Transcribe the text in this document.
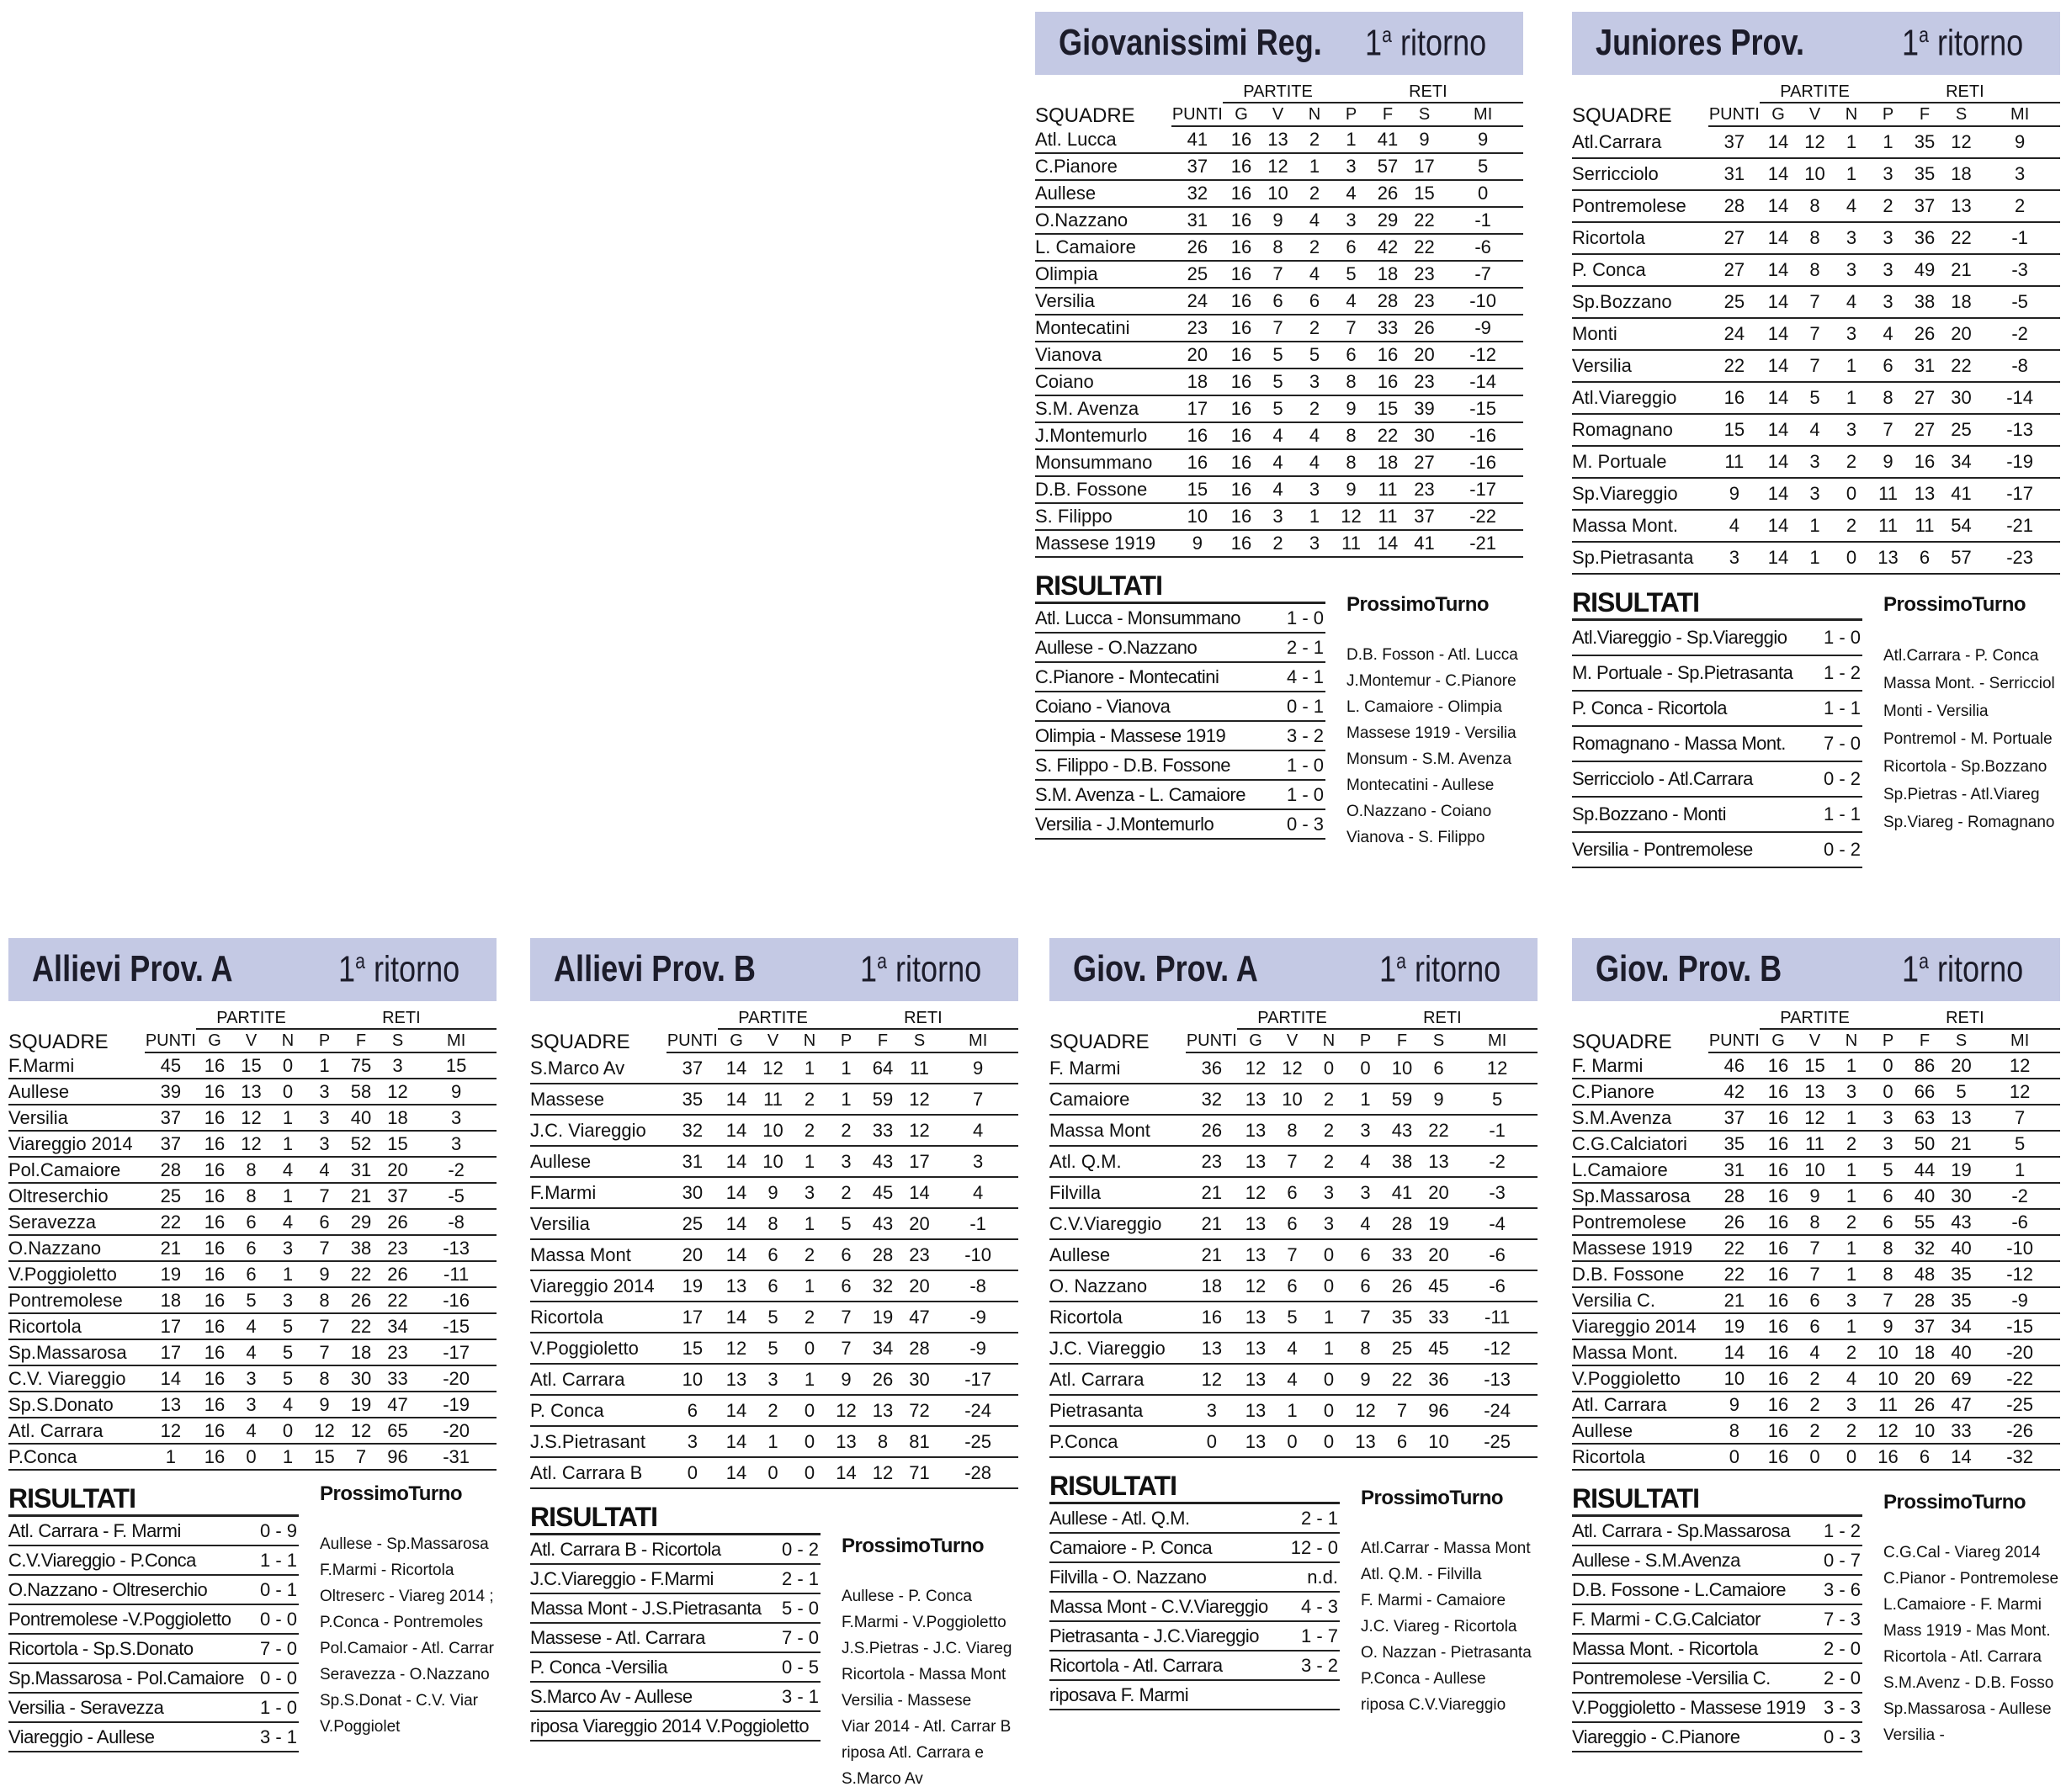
Giovanissimi Reg. 1$^a$ ritorno
SQUADRE		PARTITE			RETI			
	PUNTI	G	V	N	P	F	S	MI
Atl. Lucca	41	16	13	2	1	41	9	9
C.Pianore	37	16	12	1	3	57	17	5
Aullese	32	16	10	2	4	26	15	0
O.Nazzano	31	16	9	4	3	29	22	-1
L. Camaiore	26	16	8	2	6	42	22	-6
Olimpia	25	16	7	4	5	18	23	-7
Versilia	24	16	6	6	4	28	23	-10
Montecatini	23	16	7	2	7	33	26	-9
Vianova	20	16	5	5	6	16	20	-12
Coiano	18	16	5	3	8	16	23	-14
S.M. Avenza	17	16	5	2	9	15	39	-15
J.Montemurlo	16	16	4	4	8	22	30	-16
Monsummano	16	16	4	4	8	18	27	-16
D.B. Fossone	15	16	4	3	9	11	23	-17
S. Filippo	10	16	3	1	12	11	37	-22
Massese 1919	9	16	2	3	11	14	41	-21
RISULTATI
Atl. Lucca - Monsummano 1 - 0
Aullese - O.Nazzano	2 - 1
C.Pianore - Montecatini	4 - 1
Coiano - Vianova	0 - 1
Olimpia - Massese 1919	3 - 2
S. Filippo - D.B. Fossone	1 - 0
S.M. Avenza - L. Camaiore 1 - 0
Versilia - J.Montemurlo	0 - 3
ProssimoTurno
D.B. Fosson - Atl. Lucca
J.Montemur - C.Pianore
L. Camaiore - Olimpia
Massese 1919 - Versilia
Monsum - S.M. Avenza
Montecatini - Aullese
O.Nazzano - Coiano
Vianova - S. Filippo
Juniores Prov.	1$^a$ ritorno
SQUADRE		PARTITE			RETI			
	PUNTI	G	V	N	P	F	S	MI
Atl.Carrara	37	14	12	1	1	35	12	9
Serricciolo	31	14	10	1	3	35	18	3
Pontremolese	28	14	8	4	2	37	13	2
Ricortola	27	14	8	3	3	36	22	-1
P. Conca	27	14	8	3	3	49	21	-3
Sp.Bozzano	25	14	7	4	3	38	18	-5
Monti	24	14	7	3	4	26	20	-2
Versilia	22	14	7	1	6	31	22	-8
Atl.Viareggio	16	14	5	1	8	27	30	-14
Romagnano	15	14	4	3	7	27	25	-13
M. Portuale	11	14	3	2	9	16	34	-19
Sp.Viareggio	9	14	3	0	11	13	41	-17
Massa Mont.	4	14	1	2	11	11	54	-21
Sp.Pietrasanta	3	14	1	0	13	6	57	-23
RISULTATI
Atl.Viareggio - Sp.Viareggio 1 - 0
M. Portuale - Sp.Pietrasanta 1 - 2
P. Conca - Ricortola	1 - 1
Romagnano - Massa Mont. 7 - 0
Serricciolo - Atl.Carrara	0 - 2
Sp.Bozzano - Monti	1 - 1
Versilia - Pontremolese	0 - 2
ProssimoTurno
Atl.Carrara - P. Conca
Massa Mont. - Serricciol
Monti - Versilia
Pontremol - M. Portuale
Ricortola - Sp.Bozzano
Sp.Pietras - Atl.Viareg
Sp.Viareg - Romagnano
Allievi Prov. A	1$^a$ ritorno
SQUADRE		PARTITE			RETI			
	PUNTI	G	V	N	P	F	S	MI
F.Marmi	45	16	15	0	1	75	3	15
Aullese	39	16	13	0	3	58	12	9
Versilia	37	16	12	1	3	40	18	3
Viareggio 2014	37	16	12	1	3	52	15	3
Pol.Camaiore	28	16	8	4	4	31	20	-2
Oltreserchio	25	16	8	1	7	21	37	-5
Seravezza	22	16	6	4	6	29	26	-8
O.Nazzano	21	16	6	3	7	38	23	-13
V.Poggioletto	19	16	6	1	9	22	26	-11
Pontremolese	18	16	5	3	8	26	22	-16
Ricortola	17	16	4	5	7	22	34	-15
Sp.Massarosa	17	16	4	5	7	18	23	-17
C.V. Viareggio	14	16	3	5	8	30	33	-20
Sp.S.Donato	13	16	3	4	9	19	47	-19
Atl. Carrara	12	16	4	0	12	12	65	-20
P.Conca	1	16	0	1	15	7	96	-31
RISULTATI
Atl. Carrara - F. Marmi	0 - 9
C.V.Viareggio - P.Conca	1 - 1
O.Nazzano - Oltreserchio	0 - 1
Pontremolese -V.Poggioletto 0 - 0
Ricortola - Sp.S.Donato	7 - 0
Sp.Massarosa - Pol.Camaiore 0 - 0
Versilia - Seravezza	1 - 0
Viareggio - Aullese	3 - 1
ProssimoTurno
Aullese - Sp.Massarosa
F.Marmi - Ricortola
Oltreserc - Viareg 2014 ;
P.Conca - Pontremoles
Pol.Camaior - Atl. Carrar
Seravezza - O.Nazzano
Sp.S.Donat - C.V. Viar
V.Poggiolet
Allievi Prov. B	1$^a$ ritorno
SQUADRE		PARTITE			RETI			
	PUNTI	G	V	N	P	F	S	MI
S.Marco Av	37	14	12	1	1	64	11	9
Massese	35	14	11	2	1	59	12	7
J.C. Viareggio	32	14	10	2	2	33	12	4
Aullese	31	14	10	1	3	43	17	3
F.Marmi	30	14	9	3	2	45	14	4
Versilia	25	14	8	1	5	43	20	-1
Massa Mont	20	14	6	2	6	28	23	-10
Viareggio 2014	19	13	6	1	6	32	20	-8
Ricortola	17	14	5	2	7	19	47	-9
V.Poggioletto	15	12	5	0	7	34	28	-9
Atl. Carrara	10	13	3	1	9	26	30	-17
P. Conca	6	14	2	0	12	13	72	-24
J.S.Pietrasant	3	14	1	0	13	8	81	-25
Atl. Carrara B	0	14	0	0	14	12	71	-28
RISULTATI
Atl. Carrara B - Ricortola	0 - 2
J.C.Viareggio - F.Marmi	2 - 1
Massa Mont - J.S.Pietrasanta 5 - 0
Massese - Atl. Carrara	7 - 0
P. Conca -Versilia	0 - 5
S.Marco Av - Aullese	3 - 1
riposa Viareggio 2014 V.Poggioletto
ProssimoTurno
Aullese - P. Conca
F.Marmi - V.Poggioletto
J.S.Pietras - J.C. Viareg
Ricortola - Massa Mont
Versilia - Massese
Viar 2014 - Atl. Carrar B
riposa Atl. Carrara e
S.Marco Av
Giov. Prov. A	1$^a$ ritorno
SQUADRE		PARTITE			RETI			
	PUNTI	G	V	N	P	F	S	MI
F. Marmi	36	12	12	0	0	10	6	12
Camaiore	32	13	10	2	1	59	9	5
Massa Mont	26	13	8	2	3	43	22	-1
Atl. Q.M.	23	13	7	2	4	38	13	-2
Filvilla	21	12	6	3	3	41	20	-3
C.V.Viareggio	21	13	6	3	4	28	19	-4
Aullese	21	13	7	0	6	33	20	-6
O. Nazzano	18	12	6	0	6	26	45	-6
Ricortola	16	13	5	1	7	35	33	-11
J.C. Viareggio	13	13	4	1	8	25	45	-12
Atl. Carrara	12	13	4	0	9	22	36	-13
Pietrasanta	3	13	1	0	12	7	96	-24
P.Conca	0	13	0	0	13	6	10	-25
RISULTATI
Aullese - Atl. Q.M.	2 - 1
Camaiore - P. Conca	12 - 0
Filvilla - O. Nazzano	n.d.
Massa Mont - C.V.Viareggio 4 - 3
Pietrasanta - J.C.Viareggio 1 - 7
Ricortola - Atl. Carrara	3 - 2
riposava F. Marmi
ProssimoTurno
Atl.Carrar - Massa Mont
Atl. Q.M. - Filvilla
F. Marmi - Camaiore
J.C. Viareg - Ricortola
O. Nazzan - Pietrasanta
P.Conca - Aullese
riposa C.V.Viareggio
Giov. Prov. B	1$^a$ ritorno
SQUADRE		PARTITE			RETI			
	PUNTI	G	V	N	P	F	S	MI
F. Marmi	46	16	15	1	0	86	20	12
C.Pianore	42	16	13	3	0	66	5	12
S.M.Avenza	37	16	12	1	3	63	13	7
C.G.Calciatori	35	16	11	2	3	50	21	5
L.Camaiore	31	16	10	1	5	44	19	1
Sp.Massarosa	28	16	9	1	6	40	30	-2
Pontremolese	26	16	8	2	6	55	43	-6
Massese 1919	22	16	7	1	8	32	40	-10
D.B. Fossone	22	16	7	1	8	48	35	-12
Versilia C.	21	16	6	3	7	28	35	-9
Viareggio 2014	19	16	6	1	9	37	34	-15
Massa Mont.	14	16	4	2	10	18	40	-20
V.Poggioletto	10	16	2	4	10	20	69	-22
Atl. Carrara	9	16	2	3	11	26	47	-25
Aullese	8	16	2	2	12	10	33	-26
Ricortola	0	16	0	0	16	6	14	-32
RISULTATI
Atl. Carrara - Sp.Massarosa 1 - 2
Aullese - S.M.Avenza	0 - 7
D.B. Fossone - L.Camaiore 3 - 6
F. Marmi - C.G.Calciator	7 - 3
Massa Mont. - Ricortola	2 - 0
Pontremolese -Versilia C.	2 - 0
V.Poggioletto - Massese 1919 3 - 3
Viareggio - C.Pianore	0 - 3
ProssimoTurno
C.G.Cal - Viareg 2014
C.Pianor - Pontremolese
L.Camaiore - F. Marmi
Mass 1919 - Mas Mont.
Ricortola - Atl. Carrara
S.M.Avenz - D.B. Fosso
Sp.Massarosa - Aullese
Versilia -
